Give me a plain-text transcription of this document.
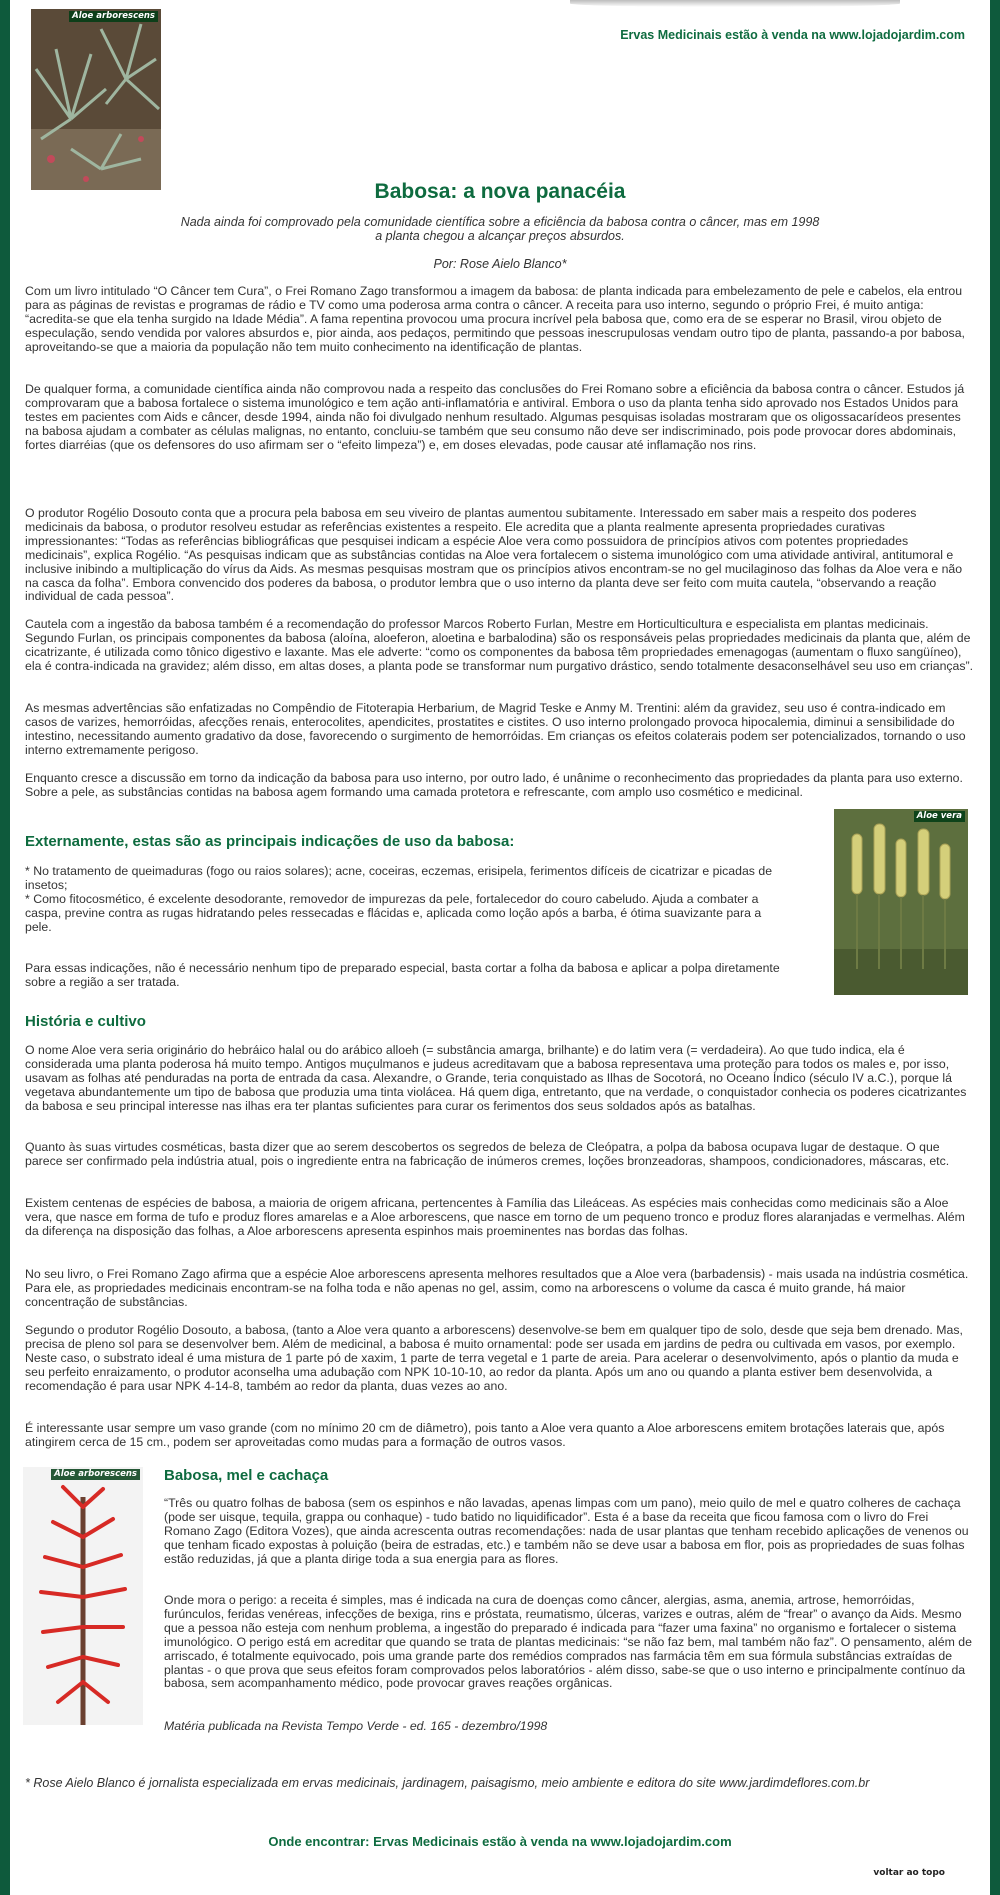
Ervas Medicinais estão à venda na www.lojadojardim.com
Aloe arborescens
Babosa: a nova panacéia

Nada ainda foi comprovado pela comunidade científica sobre a eficiência da babosa contra o câncer, mas em 1998

a planta chegou a alcançar preços absurdos.

Por: Rose Aielo Blanco*

Com um livro intitulado “O Câncer tem Cura”, o Frei Romano Zago transformou a imagem da babosa: de planta indicada para embelezamento de pele e cabelos, ela entrou para as páginas de revistas e programas de rádio e TV como uma poderosa arma contra o câncer. A receita para uso interno, segundo o próprio Frei, é muito antiga: “acredita-se que ela tenha surgido na Idade Média”. A fama repentina provocou uma procura incrível pela babosa que, como era de se esperar no Brasil, virou objeto de especulação, sendo vendida por valores absurdos e, pior ainda, aos pedaços, permitindo que pessoas inescrupulosas vendam outro tipo de planta, passando-a por babosa, aproveitando-se que a maioria da população não tem muito conhecimento na identificação de plantas.

De qualquer forma, a comunidade científica ainda não comprovou nada a respeito das conclusões do Frei Romano sobre a eficiência da babosa contra o câncer. Estudos já comprovaram que a babosa fortalece o sistema imunológico e tem ação anti-inflamatória e antiviral. Embora o uso da planta tenha sido aprovado nos Estados Unidos para testes em pacientes com Aids e câncer, desde 1994, ainda não foi divulgado nenhum resultado. Algumas pesquisas isoladas mostraram que os oligossacarídeos presentes na babosa ajudam a combater as células malignas, no entanto, concluiu-se também que seu consumo não deve ser indiscriminado, pois pode provocar dores abdominais, fortes diarréias (que os defensores do uso afirmam ser o “efeito limpeza”) e, em doses elevadas, pode causar até inflamação nos rins.

O produtor Rogélio Dosouto conta que a procura pela babosa em seu viveiro de plantas aumentou subitamente. Interessado em saber mais a respeito dos poderes medicinais da babosa, o produtor resolveu estudar as referências existentes a respeito. Ele acredita que a planta realmente apresenta propriedades curativas impressionantes: “Todas as referências bibliográficas que pesquisei indicam a espécie Aloe vera como possuidora de princípios ativos com potentes propriedades medicinais”, explica Rogélio. “As pesquisas indicam que as substâncias contidas na Aloe vera fortalecem o sistema imunológico com uma atividade antiviral, antitumoral e inclusive inibindo a multiplicação do vírus da Aids. As mesmas pesquisas mostram que os princípios ativos encontram-se no gel mucilaginoso das folhas da Aloe vera e não na casca da folha”. Embora convencido dos poderes da babosa, o produtor lembra que o uso interno da planta deve ser feito com muita cautela, “observando a reação individual de cada pessoa”.

Cautela com a ingestão da babosa também é a recomendação do professor Marcos Roberto Furlan, Mestre em Horticulticultura e especialista em plantas medicinais. Segundo Furlan, os principais componentes da babosa (aloína, aloeferon, aloetina e barbalodina) são os responsáveis pelas propriedades medicinais da planta que, além de cicatrizante, é utilizada como tônico digestivo e laxante. Mas ele adverte: “como os componentes da babosa têm propriedades emenagogas (aumentam o fluxo sangüíneo), ela é contra-indicada na gravidez; além disso, em altas doses, a planta pode se transformar num purgativo drástico, sendo totalmente desaconselhável seu uso em crianças”.

As mesmas advertências são enfatizadas no Compêndio de Fitoterapia Herbarium, de Magrid Teske e Anmy M. Trentini: além da gravidez, seu uso é contra-indicado em casos de varizes, hemorróidas, afecções renais, enterocolites, apendicites, prostatites e cistites. O uso interno prolongado provoca hipocalemia, diminui a sensibilidade do intestino, necessitando aumento gradativo da dose, favorecendo o surgimento de hemorróidas. Em crianças os efeitos colaterais podem ser potencializados, tornando o uso interno extremamente perigoso.

Enquanto cresce a discussão em torno da indicação da babosa para uso interno, por outro lado, é unânime o reconhecimento das propriedades da planta para uso externo. Sobre a pele, as substâncias contidas na babosa agem formando uma camada protetora e refrescante, com amplo uso cosmético e medicinal.

Aloe vera
Externamente, estas são as principais indicações de uso da babosa:

* No tratamento de queimaduras (fogo ou raios solares); acne, coceiras, eczemas, erisipela, ferimentos difíceis de cicatrizar e picadas de insetos;

* Como fitocosmético, é excelente desodorante, removedor de impurezas da pele, fortalecedor do couro cabeludo. Ajuda a combater a caspa, previne contra as rugas hidratando peles ressecadas e flácidas e, aplicada como loção após a barba, é ótima suavizante para a pele.

Para essas indicações, não é necessário nenhum tipo de preparado especial, basta cortar a folha da babosa e aplicar a polpa diretamente sobre a região a ser tratada.

História e cultivo

O nome Aloe vera seria originário do hebráico halal ou do arábico alloeh (= substância amarga, brilhante) e do latim vera (= verdadeira). Ao que tudo indica, ela é considerada uma planta poderosa há muito tempo. Antigos muçulmanos e judeus acreditavam que a babosa representava uma proteção para todos os males e, por isso, usavam as folhas até penduradas na porta de entrada da casa. Alexandre, o Grande, teria conquistado as Ilhas de Socotorá, no Oceano Índico (século IV a.C.), porque lá vegetava abundantemente um tipo de babosa que produzia uma tinta violácea. Há quem diga, entretanto, que na verdade, o conquistador conhecia os poderes cicatrizantes da babosa e seu principal interesse nas ilhas era ter plantas suficientes para curar os ferimentos dos seus soldados após as batalhas.

Quanto às suas virtudes cosméticas, basta dizer que ao serem descobertos os segredos de beleza de Cleópatra, a polpa da babosa ocupava lugar de destaque. O que parece ser confirmado pela indústria atual, pois o ingrediente entra na fabricação de inúmeros cremes, loções bronzeadoras, shampoos, condicionadores, máscaras, etc.

Existem centenas de espécies de babosa, a maioria de origem africana, pertencentes à Família das Lileáceas. As espécies mais conhecidas como medicinais são a Aloe vera, que nasce em forma de tufo e produz flores amarelas e a Aloe arborescens, que nasce em torno de um pequeno tronco e produz flores alaranjadas e vermelhas. Além da diferença na disposição das folhas, a Aloe arborescens apresenta espinhos mais proeminentes nas bordas das folhas.

No seu livro, o Frei Romano Zago afirma que a espécie Aloe arborescens apresenta melhores resultados que a Aloe vera (barbadensis) - mais usada na indústria cosmética. Para ele, as propriedades medicinais encontram-se na folha toda e não apenas no gel, assim, como na arborescens o volume da casca é muito grande, há maior concentração de substâncias.

Segundo o produtor Rogélio Dosouto, a babosa, (tanto a Aloe vera quanto a arborescens) desenvolve-se bem em qualquer tipo de solo, desde que seja bem drenado. Mas, precisa de pleno sol para se desenvolver bem. Além de medicinal, a babosa é muito ornamental: pode ser usada em jardins de pedra ou cultivada em vasos, por exemplo. Neste caso, o substrato ideal é uma mistura de 1 parte pó de xaxim, 1 parte de terra vegetal e 1 parte de areia. Para acelerar o desenvolvimento, após o plantio da muda e seu perfeito enraizamento, o produtor aconselha uma adubação com NPK 10-10-10, ao redor da planta. Após um ano ou quando a planta estiver bem desenvolvida, a recomendação é para usar NPK 4-14-8, também ao redor da planta, duas vezes ao ano.

É interessante usar sempre um vaso grande (com no mínimo 20 cm de diâmetro), pois tanto a Aloe vera quanto a Aloe arborescens emitem brotações laterais que, após atingirem cerca de 15 cm., podem ser aproveitadas como mudas para a formação de outros vasos.

Aloe arborescens Babosa, mel e cachaça

“Três ou quatro folhas de babosa (sem os espinhos e não lavadas, apenas limpas com um pano), meio quilo de mel e quatro colheres de cachaça (pode ser uisque, tequila, grappa ou conhaque) - tudo batido no liquidificador”. Esta é a base da receita que ficou famosa com o livro do Frei Romano Zago (Editora Vozes), que ainda acrescenta outras recomendações: nada de usar plantas que tenham recebido aplicações de venenos ou que tenham ficado expostas à poluição (beira de estradas, etc.) e também não se deve usar a babosa em flor, pois as propriedades de suas folhas estão reduzidas, já que a planta dirige toda a sua energia para as flores.

Onde mora o perigo: a receita é simples, mas é indicada na cura de doenças como câncer, alergias, asma, anemia, artrose, hemorróidas, furúnculos, feridas venéreas, infecções de bexiga, rins e próstata, reumatismo, úlceras, varizes e outras, além de “frear” o avanço da Aids. Mesmo que a pessoa não esteja com nenhum problema, a ingestão do preparado é indicada para “fazer uma faxina” no organismo e fortalecer o sistema imunológico. O perigo está em acreditar que quando se trata de plantas medicinais: “se não faz bem, mal também não faz”. O pensamento, além de arriscado, é totalmente equivocado, pois uma grande parte dos remédios comprados nas farmácia têm em sua fórmula substâncias extraídas de plantas - o que prova que seus efeitos foram comprovados pelos laboratórios - além disso, sabe-se que o uso interno e principalmente contínuo da babosa, sem acompanhamento médico, pode provocar graves reações orgânicas.

Matéria publicada na Revista Tempo Verde - ed. 165 - dezembro/1998

* Rose Aielo Blanco é jornalista especializada em ervas medicinais, jardinagem, paisagismo, meio ambiente e editora do site www.jardimdeflores.com.br
Onde encontrar: Ervas Medicinais estão à venda na www.lojadojardim.com
voltar ao topo
